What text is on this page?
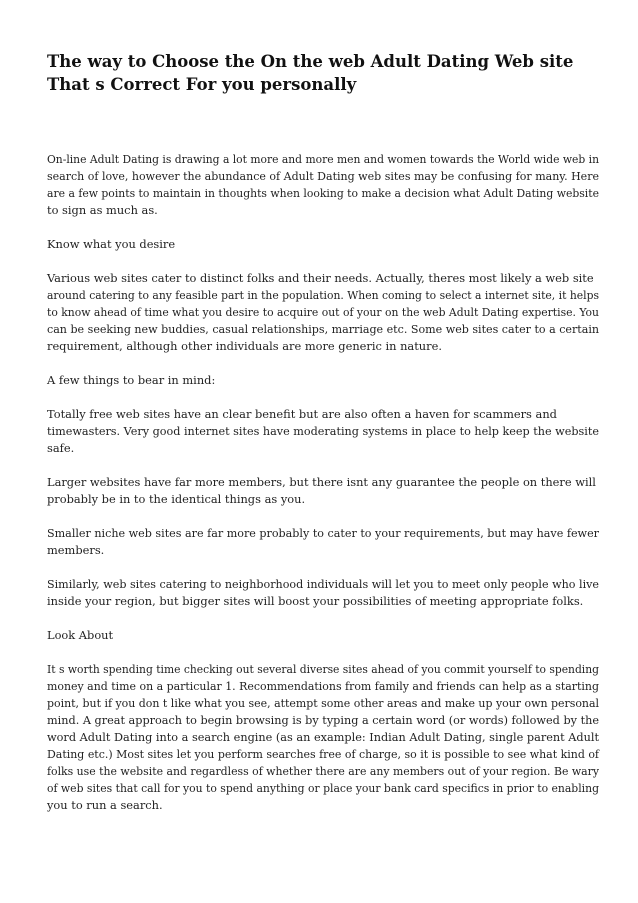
The way to Choose the On the web Adult Dating Web site
That s Correct For you personally

On-line Adult Dating is drawing a lot more and more men and women towards the World wide web in
search of love, however the abundance of Adult Dating web sites may be confusing for many. Here
are a few points to maintain in thoughts when looking to make a decision what Adult Dating website
to sign as much as.

Know what you desire

Various web sites cater to distinct folks and their needs. Actually, theres most likely a web site
around catering to any feasible part in the population. When coming to select a internet site, it helps
to know ahead of time what you desire to acquire out of your on the web Adult Dating expertise. You
can be seeking new buddies, casual relationships, marriage etc. Some web sites cater to a certain
requirement, although other individuals are more generic in nature.

A few things to bear in mind:

Totally free web sites have an clear benefit but are also often a haven for scammers and
timewasters. Very good internet sites have moderating systems in place to help keep the website
safe.

Larger websites have far more members, but there isnt any guarantee the people on there will
probably be in to the identical things as you.

Smaller niche web sites are far more probably to cater to your requirements, but may have fewer
members.

Similarly, web sites catering to neighborhood individuals will let you to meet only people who live
inside your region, but bigger sites will boost your possibilities of meeting appropriate folks.

Look About

It s worth spending time checking out several diverse sites ahead of you commit yourself to spending
money and time on a particular 1. Recommendations from family and friends can help as a starting
point, but if you don t like what you see, attempt some other areas and make up your own personal
mind. A great approach to begin browsing is by typing a certain word (or words) followed by the
word Adult Dating into a search engine (as an example: Indian Adult Dating, single parent Adult
Dating etc.) Most sites let you perform searches free of charge, so it is possible to see what kind of
folks use the website and regardless of whether there are any members out of your region. Be wary
of web sites that call for you to spend anything or place your bank card specifics in prior to enabling
you to run a search.
